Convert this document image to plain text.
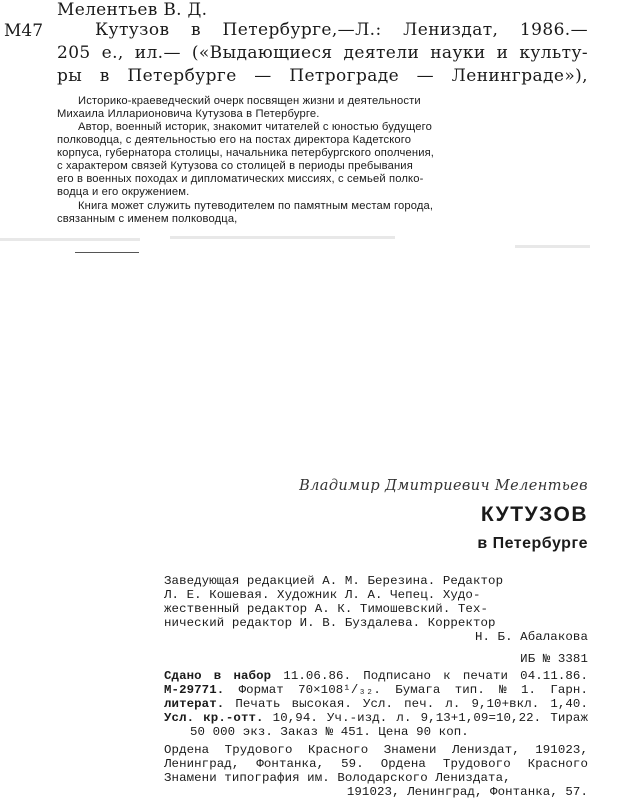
Мелентьев В. Д.
М47	Кутузов в Петербурге,—Л.: Лениздат, 1986.—
205 е., ил.— («Выдающиеся деятели науки и культу-
ры в Петербурге — Петрограде — Ленинграде»),
Историко-краеведческий очерк посвящен жизни и деятельности
Михаила Илларионовича Кутузова в Петербурге.
Автор, военный историк, знакомит читателей с юностью будущего
полководца, с деятельностью его на постах директора Кадетского
корпуса, губернатора столицы, начальника петербургского ополчения,
с характером связей Кутузова со столицей в периоды пребывания
его в военных походах и дипломатических миссиях, с семьей полко-
водца и его окружением.
Книга может служить путеводителем по памятным местам города,
связанным с именем полководца,
Владимир Дмитриевич Мелентьев
КУТУЗОВ
в Петербурге
Заведующая редакцией А. М. Березина. Редактор
Л. Е. Кошевая. Художник Л. А. Чепец. Худо-
жественный редактор А. К. Тимошевский. Тех-
нический редактор И. В. Буздалева. Корректор
Н. Б. Абалакова
ИБ № 3381
Сдано в набор 11.06.86. Подписано к печати 04.11.86.
М-29771. Формат 70×108¹/₃₂. Бумага тип. № 1. Гарн.
литерат. Печать высокая. Усл. печ. л. 9,10+вкл. 1,40.
Усл. кр.-отт. 10,94. Уч.-изд. л. 9,13+1,09=10,22. Тираж
50 000 экз. Заказ № 451. Цена 90 коп.
Ордена Трудового Красного Знамени Лениздат, 191023,
Ленинград, Фонтанка, 59. Ордена Трудового Красного
Знамени типография им. Володарского Лениздата,
191023, Ленинград, Фонтанка, 57.
